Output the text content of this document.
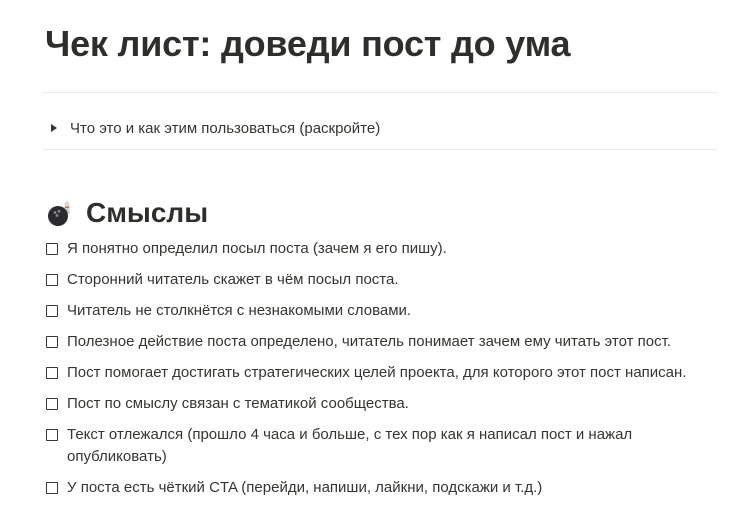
Чек лист: доведи пост до ума
Что это и как этим пользоваться (раскройте)
Смыслы
Я понятно определил посыл поста (зачем я его пишу).
Сторонний читатель скажет в чём посыл поста.
Читатель не столкнётся с незнакомыми словами.
Полезное действие поста определено, читатель понимает зачем ему читать этот пост.
Пост помогает достигать стратегических целей проекта, для которого этот пост написан.
Пост по смыслу связан с тематикой сообщества.
Текст отлежался (прошло 4 часа и больше, с тех пор как я написал пост и нажал опубликовать)
У поста есть чёткий CTA (перейди, напиши, лайкни, подскажи и т.д.)
